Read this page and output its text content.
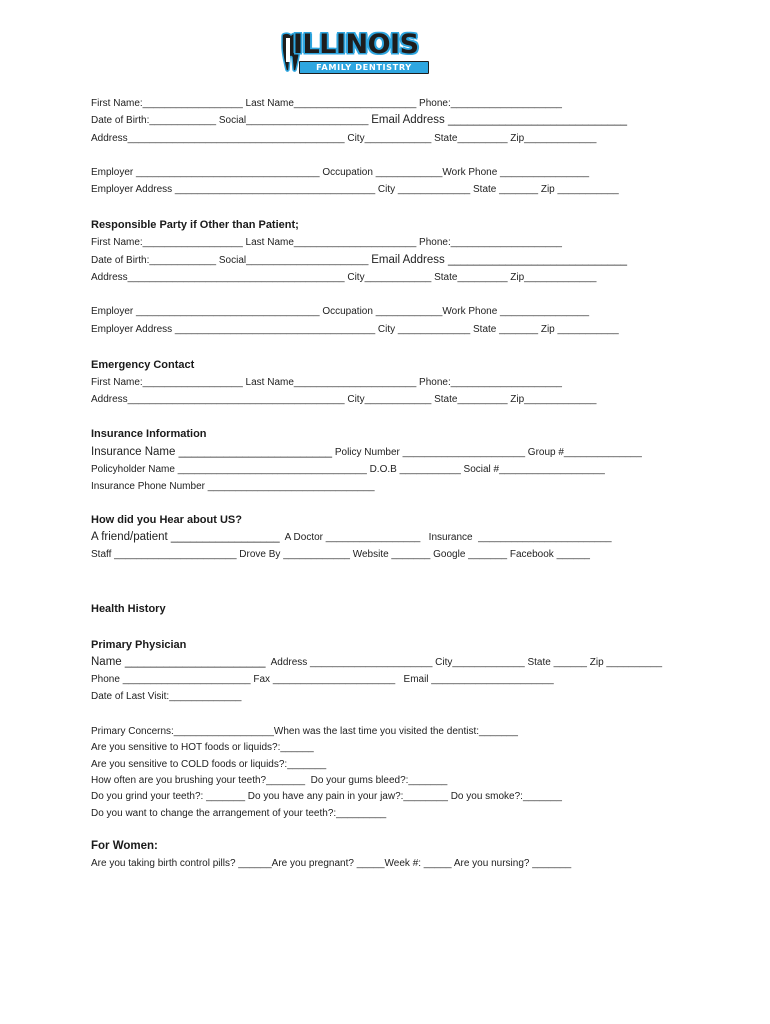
ILLINOIS
FAMILY DENTISTRY
First Name:__________________ Last Name______________________ Phone:____________________
Date of Birth:____________ Social______________________ Email Address ____________________________
Address_______________________________________ City____________ State_________ Zip_____________
Employer _________________________________ Occupation ____________Work Phone ________________
Employer Address ____________________________________ City _____________ State _______ Zip ___________
Responsible Party if Other than Patient;
First Name:__________________ Last Name______________________ Phone:____________________
Date of Birth:____________ Social______________________ Email Address ____________________________
Address_______________________________________ City____________ State_________ Zip_____________
Employer _________________________________ Occupation ____________Work Phone ________________
Employer Address ____________________________________ City _____________ State _______ Zip ___________
Emergency Contact
First Name:__________________ Last Name______________________ Phone:____________________
Address_______________________________________ City____________ State_________ Zip_____________
Insurance Information
Insurance Name ________________________ Policy Number ______________________ Group #______________
Policyholder Name __________________________________ D.O.B ___________ Social #___________________
Insurance Phone Number ______________________________
How did you Hear about US?
A friend/patient _________________  A Doctor _________________   Insurance  ________________________
Staff ______________________ Drove By ____________ Website _______ Google _______ Facebook ______
Health History
Primary Physician
Name ______________________  Address ______________________ City_____________ State ______ Zip __________
Phone _______________________ Fax ______________________   Email ______________________
Date of Last Visit:_____________
Primary Concerns:__________________When was the last time you visited the dentist:_______
Are you sensitive to HOT foods or liquids?:______
Are you sensitive to COLD foods or liquids?:_______
How often are you brushing your teeth?_______  Do your gums bleed?:_______
Do you grind your teeth?: _______ Do you have any pain in your jaw?:________ Do you smoke?:_______
Do you want to change the arrangement of your teeth?:_________
For Women:
Are you taking birth control pills? ______Are you pregnant? _____Week #: _____ Are you nursing? _______
